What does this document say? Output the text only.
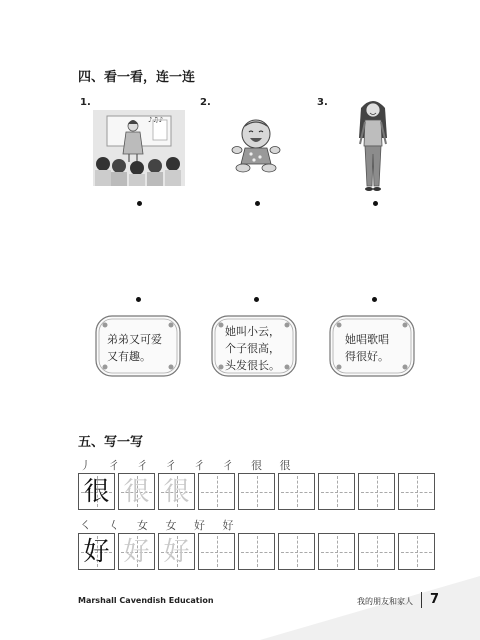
四、看一看，连一连
1.	2.	3.
♪♫♪
弟弟又可爱
又有趣。
她叫小云，
个子很高，
头发很长。
她唱歌唱
得很好。
五、写一写
丿 彳 彳 彳 彳 彳 很 很
很 很 很
㇛ 𡿨 女 女 好 好
好 好 好
Marshall Cavendish Education	我的朋友和家人 7
